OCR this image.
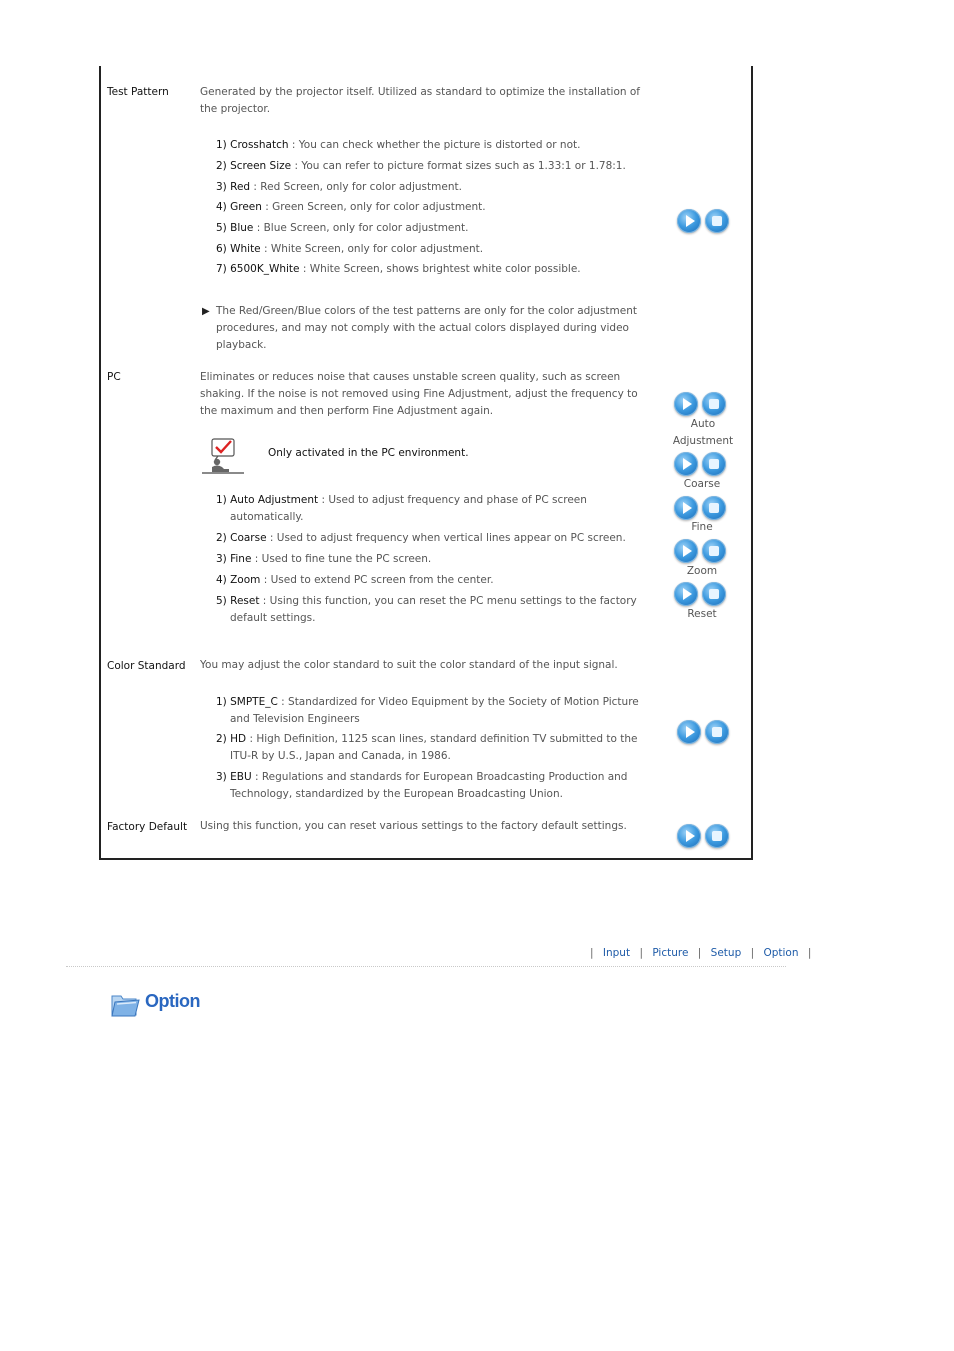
Test Pattern	Generated by the projector itself. Utilized as standard to optimize the installation of the projector.
1) Crosshatch : You can check whether the picture is distorted or not.
2) Screen Size : You can refer to picture format sizes such as 1.33:1 or 1.78:1.
3) Red : Red Screen, only for color adjustment.
4) Green : Green Screen, only for color adjustment.
5) Blue : Blue Screen, only for color adjustment.
6) White : White Screen, only for color adjustment.
7) 6500K_White : White Screen, shows brightest white color possible.
▶ The Red/Green/Blue colors of the test patterns are only for the color adjustment procedures, and may not comply with the actual colors displayed during video playback.
PC	Eliminates or reduces noise that causes unstable screen quality, such as screen shaking. If the noise is not removed using Fine Adjustment, adjust the frequency to the maximum and then perform Fine Adjustment again.
Only activated in the PC environment.
1) Auto Adjustment : Used to adjust frequency and phase of PC screen automatically.
2) Coarse : Used to adjust frequency when vertical lines appear on PC screen.
3) Fine : Used to fine tune the PC screen.
4) Zoom : Used to extend PC screen from the center.
5) Reset : Using this function, you can reset the PC menu settings to the factory default settings.
Auto Adjustment
Coarse
Fine
Zoom
Reset
Color Standard You may adjust the color standard to suit the color standard of the input signal.
1) SMPTE_C : Standardized for Video Equipment by the Society of Motion Picture and Television Engineers
2) HD : High Definition, 1125 scan lines, standard definition TV submitted to the ITU-R by U.S., Japan and Canada, in 1986.
3) EBU : Regulations and standards for European Broadcasting Production and Technology, standardized by the European Broadcasting Union.
Factory Default Using this function, you can reset various settings to the factory default settings.
| Input | Picture | Setup | Option |
Option
